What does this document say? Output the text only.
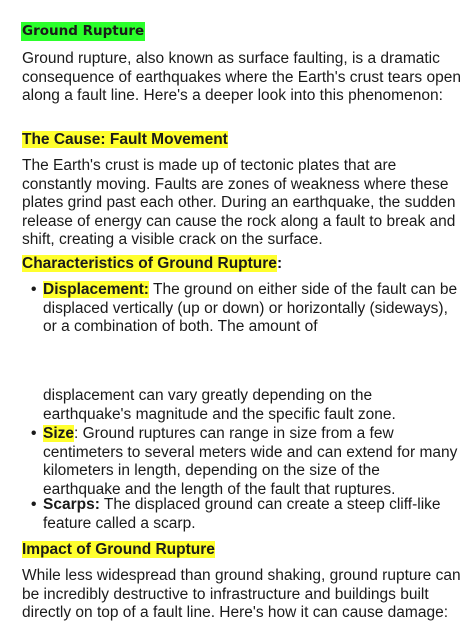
Ground Rupture

Ground rupture, also known as surface faulting, is a dramatic consequence of earthquakes where the Earth's crust tears open along a fault line. Here's a deeper look into this phenomenon:

The Cause: Fault Movement

The Earth's crust is made up of tectonic plates that are constantly moving. Faults are zones of weakness where these plates grind past each other. During an earthquake, the sudden release of energy can cause the rock along a fault to break and shift, creating a visible crack on the surface.

Characteristics of Ground Rupture:
• Displacement: The ground on either side of the fault can be displaced vertically (up or down) or horizontally (sideways), or a combination of both. The amount of
displacement can vary greatly depending on the earthquake's magnitude and the specific fault zone.
• Size: Ground ruptures can range in size from a few centimeters to several meters wide and can extend for many kilometers in length, depending on the size of the earthquake and the length of the fault that ruptures.
• Scarps: The displaced ground can create a steep cliff-like feature called a scarp.
Impact of Ground Rupture

While less widespread than ground shaking, ground rupture can be incredibly destructive to infrastructure and buildings built directly on top of a fault line. Here's how it can cause damage:
